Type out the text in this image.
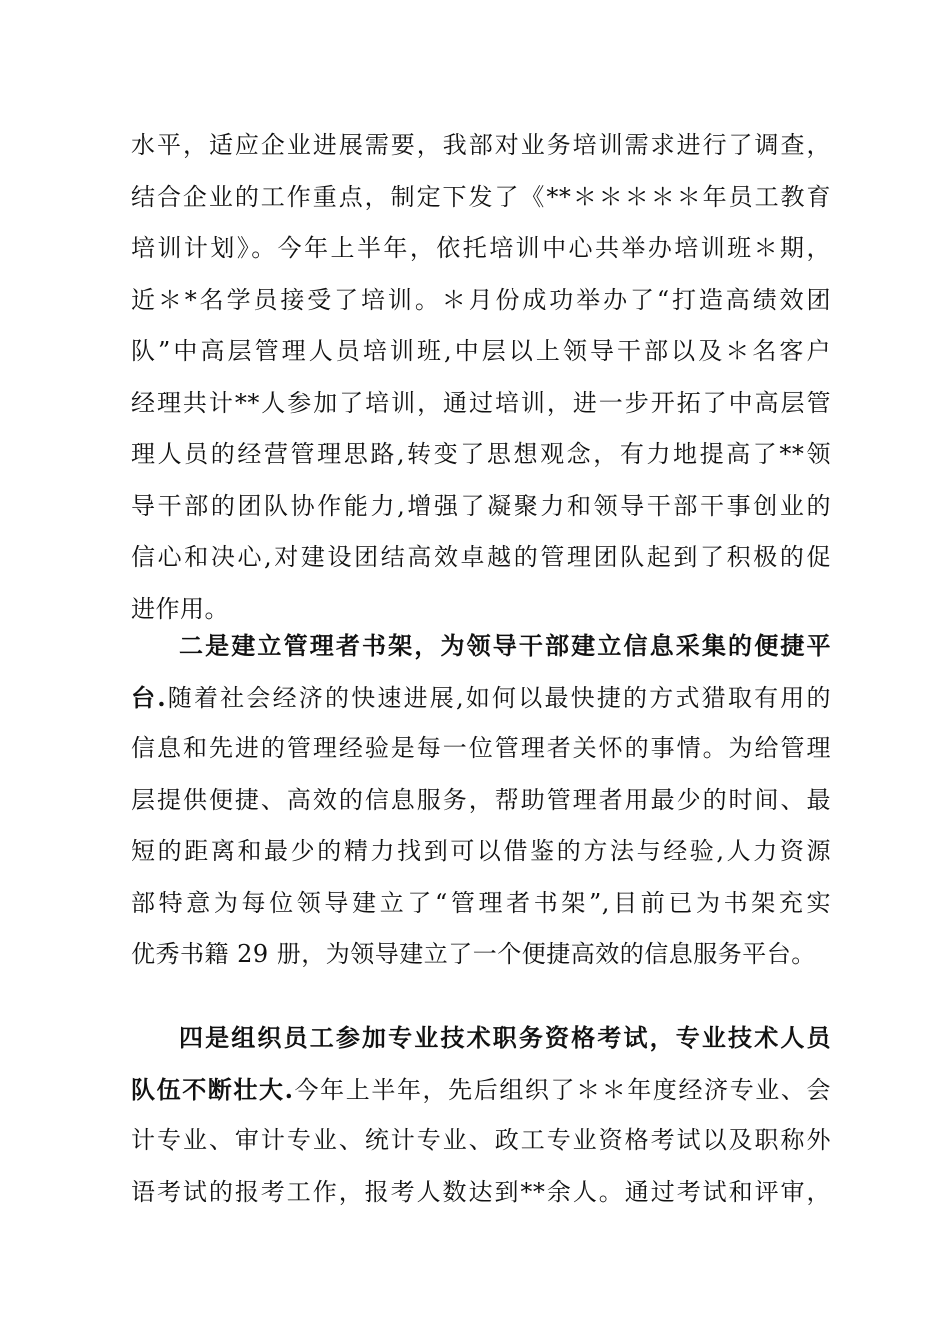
水平，适应企业进展需要，我部对业务培训需求进行了调查，
结合企业的工作重点，制定下发了《**＊＊＊＊＊年员工教育
培训计划》。今年上半年，依托培训中心共举办培训班＊期，
近＊*名学员接受了培训。＊月份成功举办了“打造高绩效团
队”中高层管理人员培训班,中层以上领导干部以及＊名客户
经理共计**人参加了培训，通过培训，进一步开拓了中高层管
理人员的经营管理思路,转变了思想观念，有力地提高了**领
导干部的团队协作能力,增强了凝聚力和领导干部干事创业的
信心和决心,对建设团结高效卓越的管理团队起到了积极的促
进作用。
二是建立管理者书架，为领导干部建立信息采集的便捷平
台.随着社会经济的快速进展,如何以最快捷的方式猎取有用的
信息和先进的管理经验是每一位管理者关怀的事情。为给管理
层提供便捷、高效的信息服务，帮助管理者用最少的时间、最
短的距离和最少的精力找到可以借鉴的方法与经验,人力资源
部特意为每位领导建立了“管理者书架”,目前已为书架充实
优秀书籍 29 册，为领导建立了一个便捷高效的信息服务平台。
四是组织员工参加专业技术职务资格考试，专业技术人员
队伍不断壮大.今年上半年，先后组织了＊＊年度经济专业、会
计专业、审计专业、统计专业、政工专业资格考试以及职称外
语考试的报考工作，报考人数达到**余人。通过考试和评审，
